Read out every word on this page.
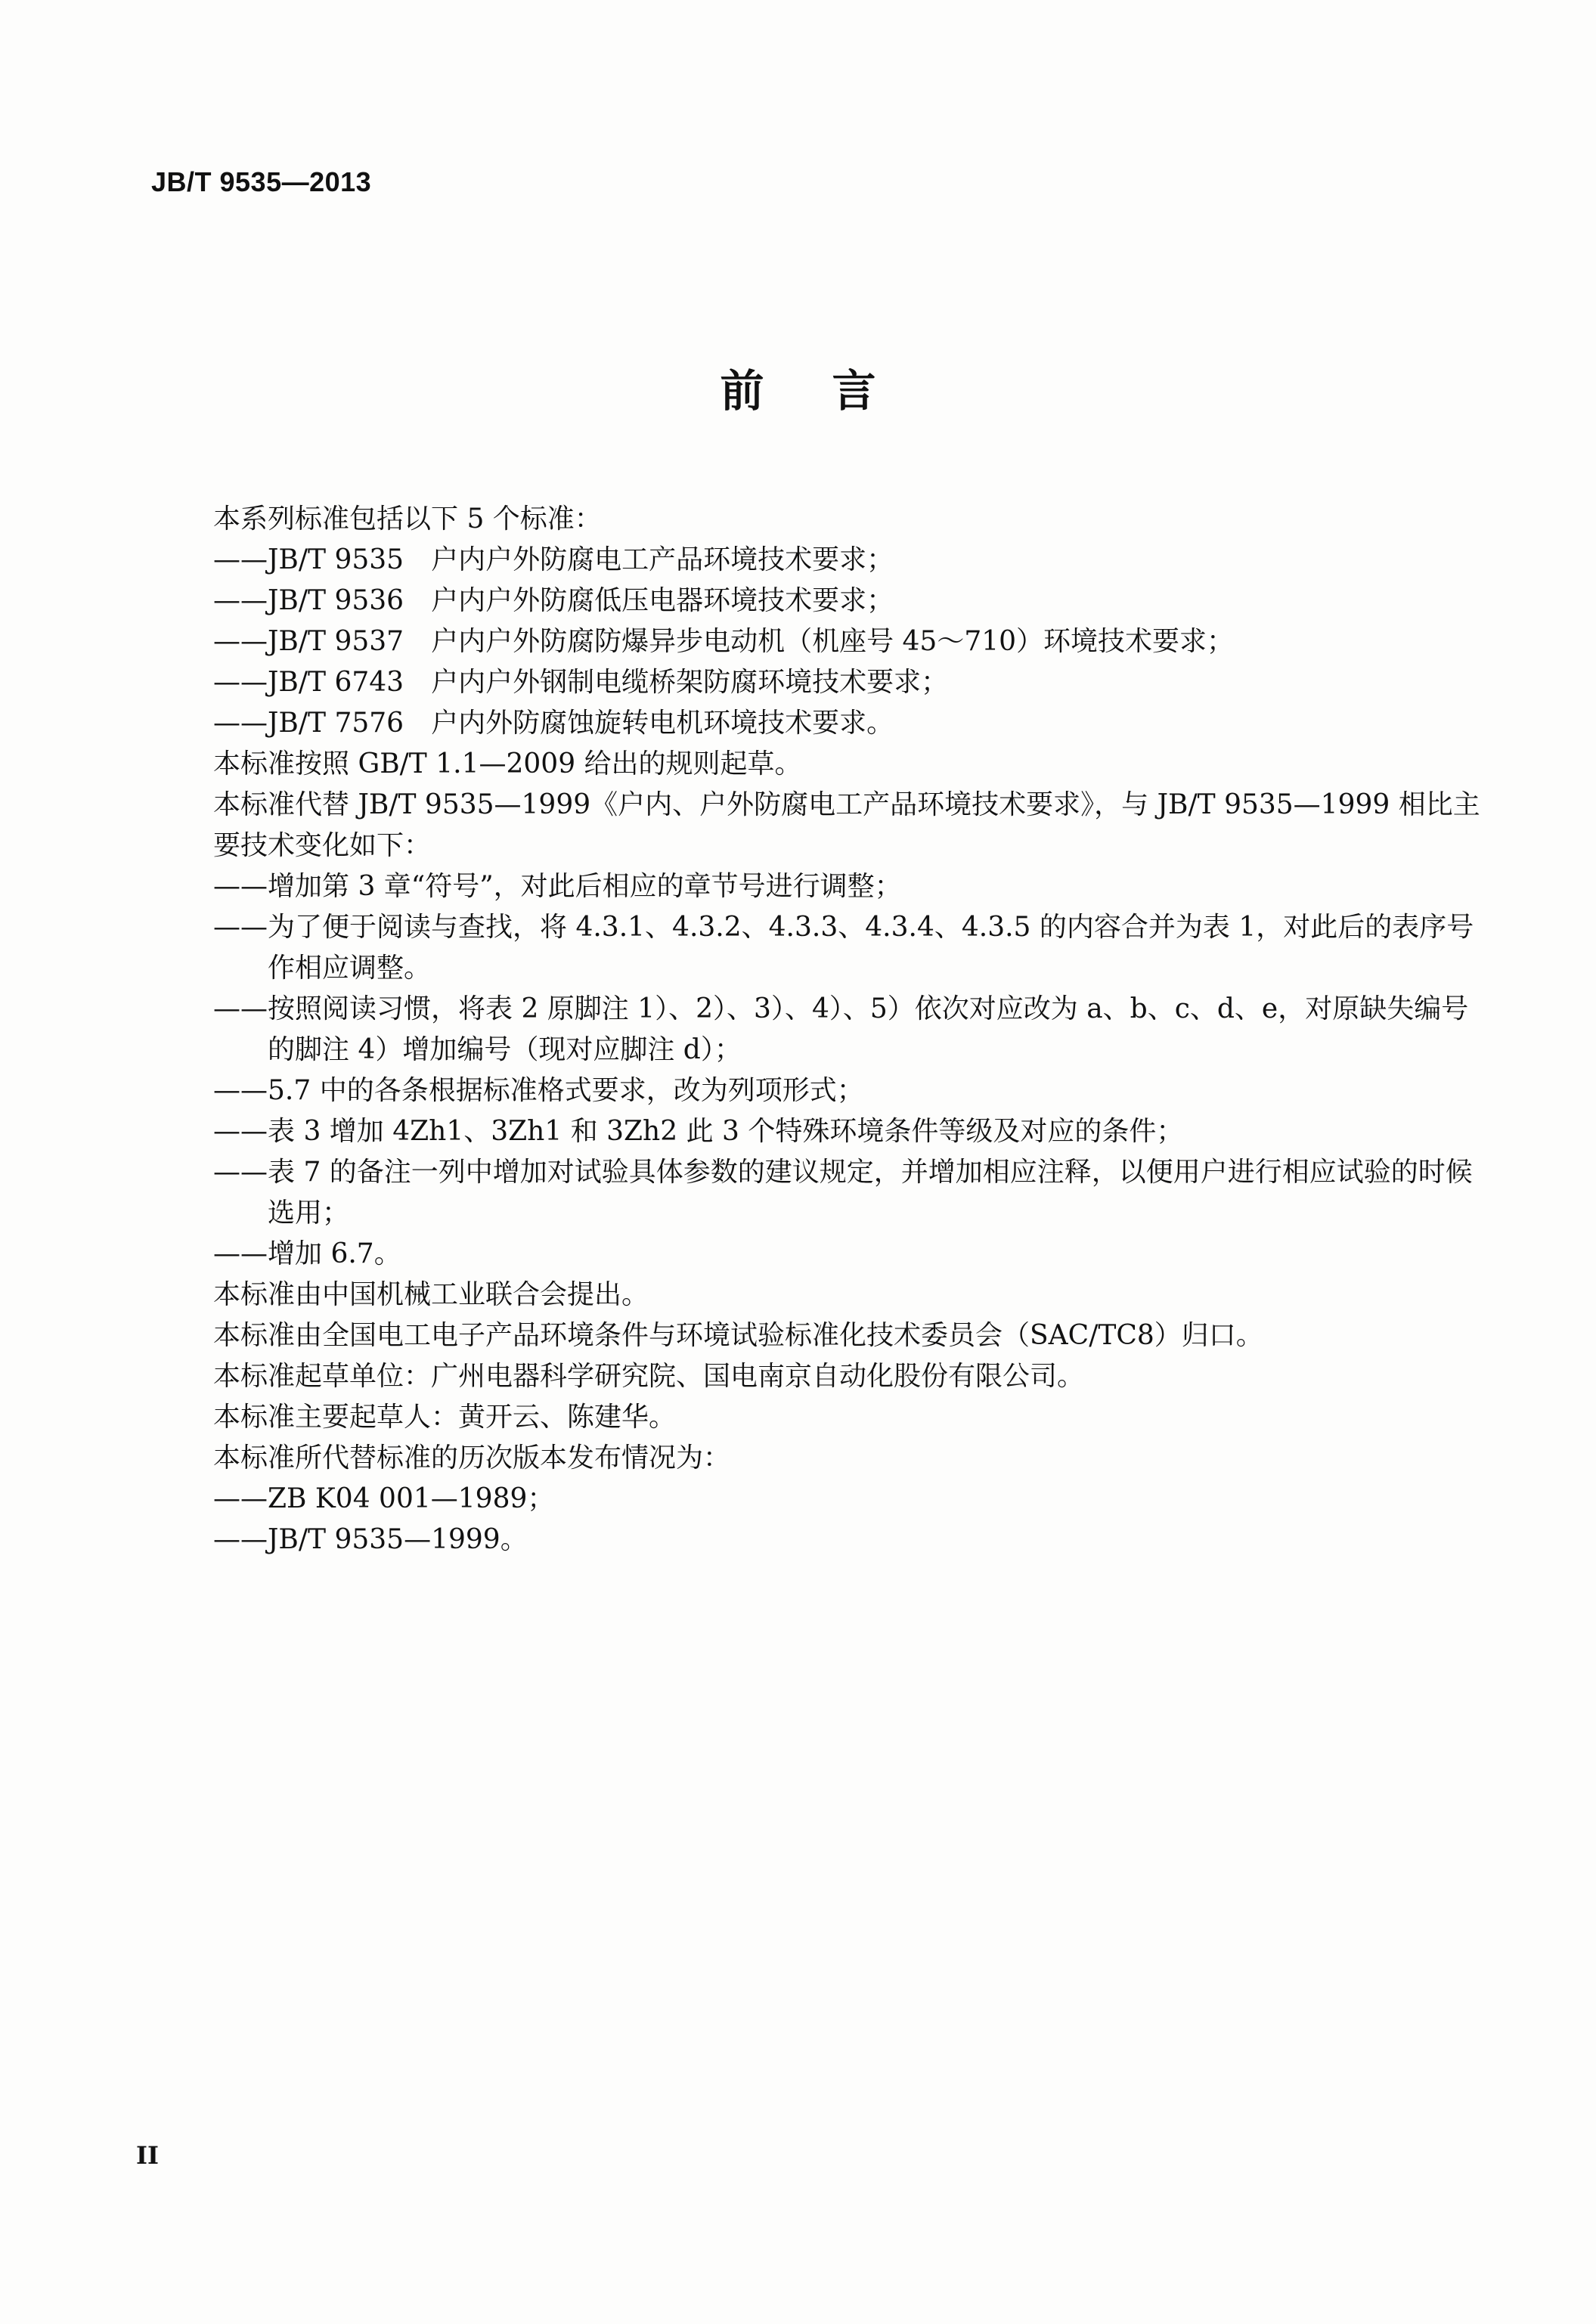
JB/T 9535—2013
前言

本系列标准包括以下 5 个标准：

——JB/T 9535　户内户外防腐电工产品环境技术要求；

——JB/T 9536　户内户外防腐低压电器环境技术要求；

——JB/T 9537　户内户外防腐防爆异步电动机（机座号 45～710）环境技术要求；

——JB/T 6743　户内户外钢制电缆桥架防腐环境技术要求；

——JB/T 7576　户内外防腐蚀旋转电机环境技术要求。

本标准按照 GB/T 1.1—2009 给出的规则起草。

本标准代替 JB/T 9535—1999《户内、户外防腐电工产品环境技术要求》，与 JB/T 9535—1999 相比主要技术变化如下：

——增加第 3 章“符号”，对此后相应的章节号进行调整；

——为了便于阅读与查找，将 4.3.1、4.3.2、4.3.3、4.3.4、4.3.5 的内容合并为表 1，对此后的表序号作相应调整。

——按照阅读习惯，将表 2 原脚注 1）、2）、3）、4）、5）依次对应改为 a、b、c、d、e，对原缺失编号的脚注 4）增加编号（现对应脚注 d）；

——5.7 中的各条根据标准格式要求，改为列项形式；

——表 3 增加 4Zh1、3Zh1 和 3Zh2 此 3 个特殊环境条件等级及对应的条件；

——表 7 的备注一列中增加对试验具体参数的建议规定，并增加相应注释，以便用户进行相应试验的时候选用；

——增加 6.7。

本标准由中国机械工业联合会提出。

本标准由全国电工电子产品环境条件与环境试验标准化技术委员会（SAC/TC8）归口。

本标准起草单位：广州电器科学研究院、国电南京自动化股份有限公司。

本标准主要起草人：黄开云、陈建华。

本标准所代替标准的历次版本发布情况为：

——ZB K04 001—1989；

——JB/T 9535—1999。

II
